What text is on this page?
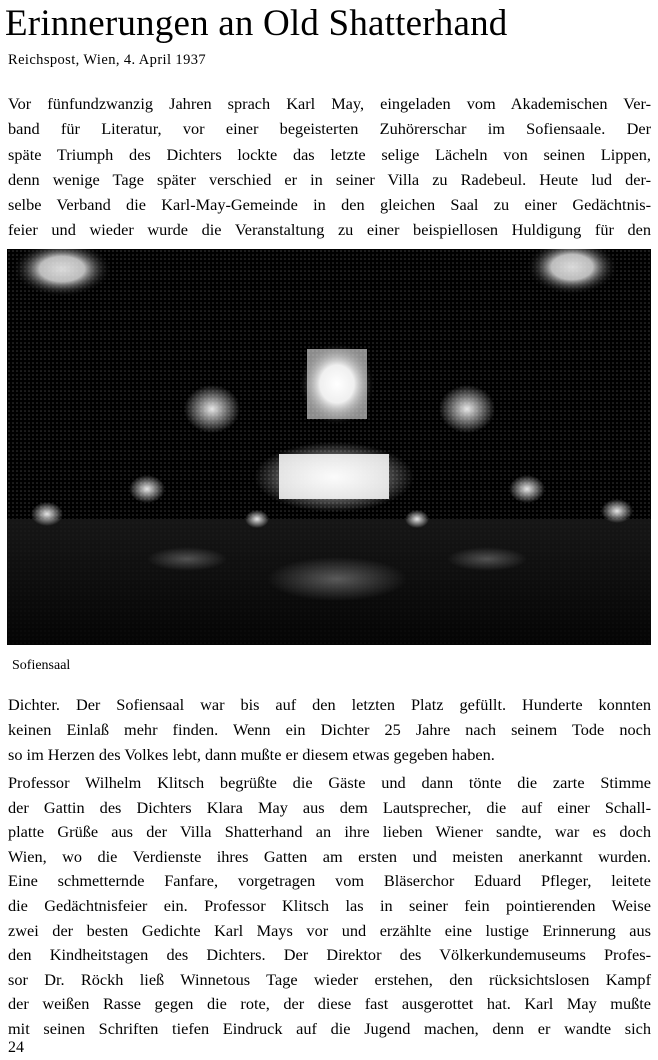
Erinnerungen an Old Shatterhand
Reichspost, Wien, 4. April 1937

Vor fünfundzwanzig Jahren sprach Karl May, eingeladen vom Akademischen Ver-
band für Literatur, vor einer begeisterten Zuhörerschar im Sofiensaale. Der
späte Triumph des Dichters lockte das letzte selige Lächeln von seinen Lippen,
denn wenige Tage später verschied er in seiner Villa zu Radebeul. Heute lud der-
selbe Verband die Karl-May-Gemeinde in den gleichen Saal zu einer Gedächtnis-
feier und wieder wurde die Veranstaltung zu einer beispiellosen Huldigung für den

Sofiensaal

Dichter. Der Sofiensaal war bis auf den letzten Platz gefüllt. Hunderte konnten
keinen Einlaß mehr finden. Wenn ein Dichter 25 Jahre nach seinem Tode noch
so im Herzen des Volkes lebt, dann mußte er diesem etwas gegeben haben.

Professor Wilhelm Klitsch begrüßte die Gäste und dann tönte die zarte Stimme
der Gattin des Dichters Klara May aus dem Lautsprecher, die auf einer Schall-
platte Grüße aus der Villa Shatterhand an ihre lieben Wiener sandte, war es doch
Wien, wo die Verdienste ihres Gatten am ersten und meisten anerkannt wurden.
Eine schmetternde Fanfare, vorgetragen vom Bläserchor Eduard Pfleger, leitete
die Gedächtnisfeier ein. Professor Klitsch las in seiner fein pointierenden Weise
zwei der besten Gedichte Karl Mays vor und erzählte eine lustige Erinnerung aus
den Kindheitstagen des Dichters. Der Direktor des Völkerkundemuseums Profes-
sor Dr. Röckh ließ Winnetous Tage wieder erstehen, den rücksichtslosen Kampf
der weißen Rasse gegen die rote, der diese fast ausgerottet hat. Karl May mußte
mit seinen Schriften tiefen Eindruck auf die Jugend machen, denn er wandte sich

24
